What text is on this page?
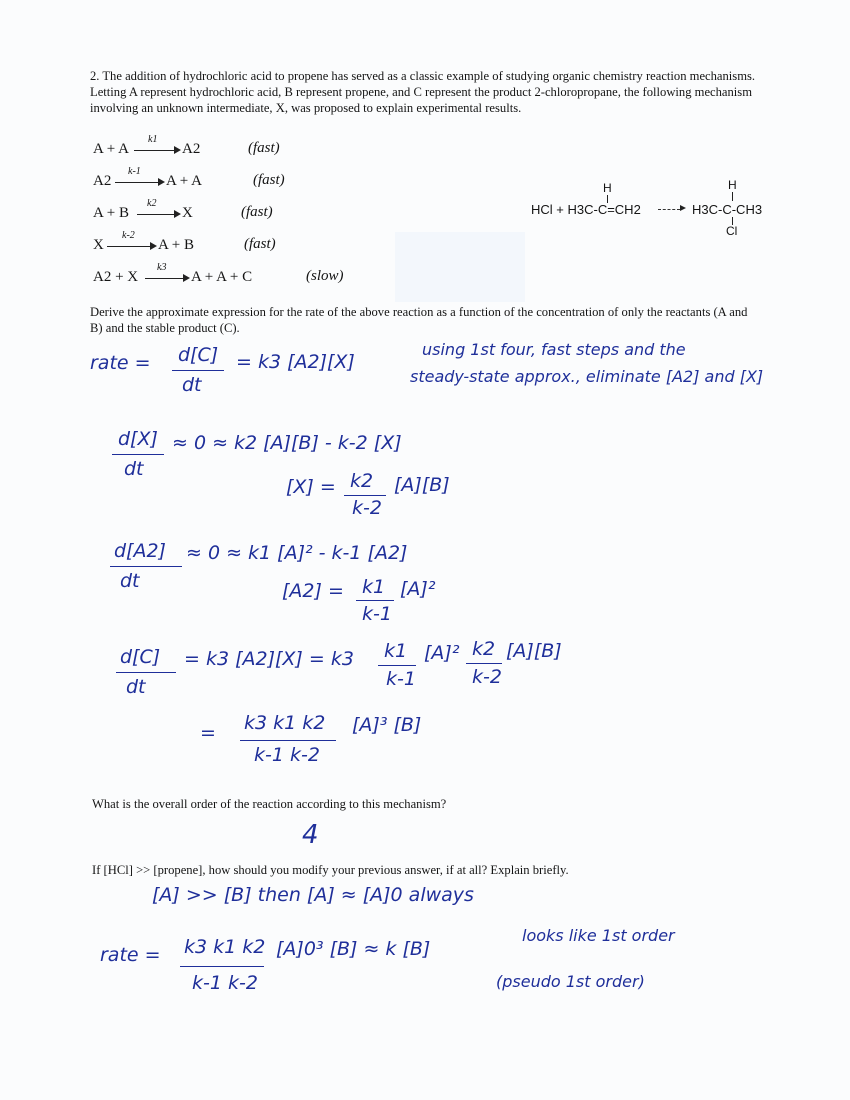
2. The addition of hydrochloric acid to propene has served as a classic example of studying organic chemistry reaction mechanisms. Letting A represent hydrochloric acid, B represent propene, and C represent the product 2-chloropropane, the following mechanism involving an unknown intermediate, X, was proposed to explain experimental results.
A + A
k1
A2	(fast)
A2
k-1
A + A	(fast)
A + B
k2
X	(fast)
X
k-2
A + B	(fast)
A2 + X
k3
A + A + C	(slow)
H
HCl + H3C-C=CH2
H
H3C-C-CH3
Cl
Derive the approximate expression for the rate of the above reaction as a function of the concentration of only the reactants (A and B) and the stable product (C).
rate = d[C]
dt
= k3 [A2][X]
using 1st four, fast steps and the
steady-state approx., eliminate [A2] and [X]
d[X]
dt
≈ 0 ≈ k2 [A][B] - k-2 [X]
[X] = k2
k-2
[A][B]
d[A2]
dt
≈ 0 ≈ k1 [A]² - k-1 [A2]
[A2] = k1
k-1
[A]²
d[C]
dt
= k3 [A2][X] = k3 k1
k-1
[A]² k2
k-2
[A][B]
= k3 k1 k2
k-1 k-2
[A]³ [B]
What is the overall order of the reaction according to this mechanism?
4
If [HCl] >> [propene], how should you modify your previous answer, if at all? Explain briefly.
[A] >> [B] then [A] ≈ [A]0 always
rate = k3 k1 k2
k-1 k-2
[A]0³ [B] ≈ k [B]
looks like 1st order
(pseudo 1st order)
